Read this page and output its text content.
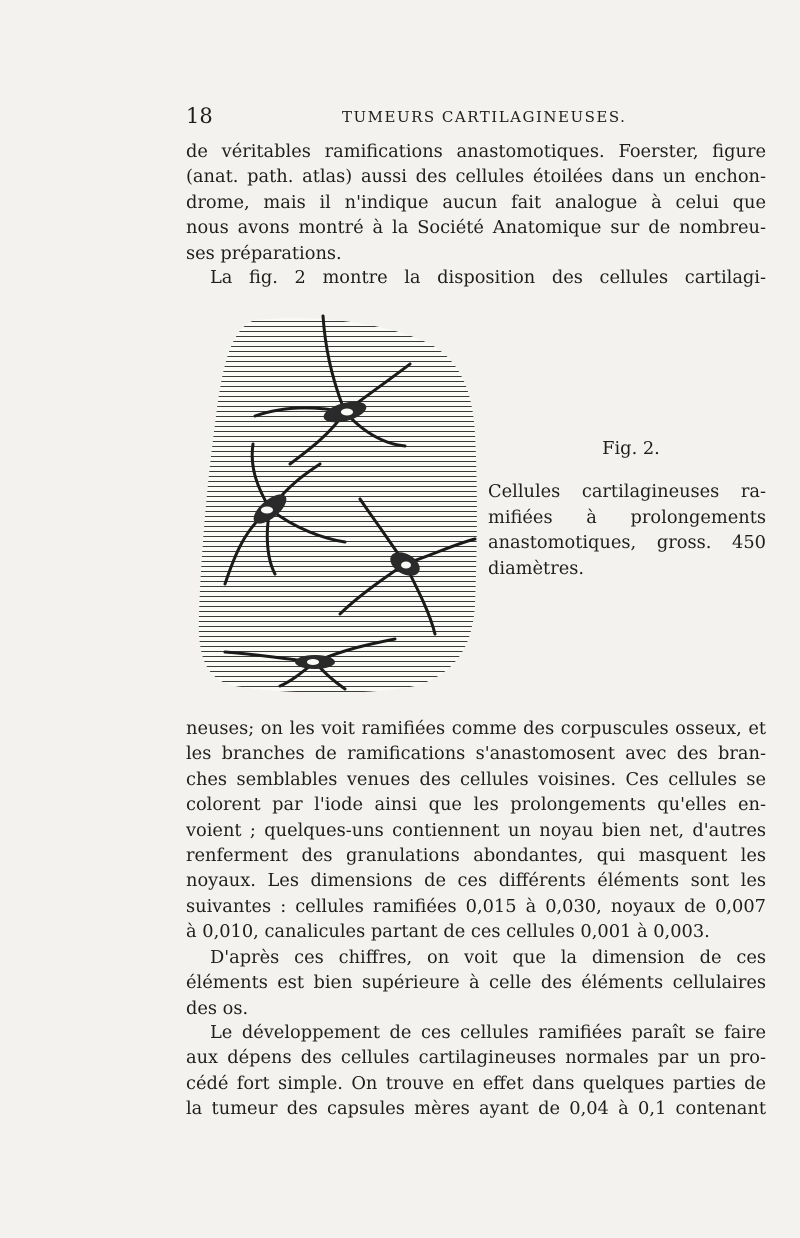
18	TUMEURS CARTILAGINEUSES.
de véritables ramifications anastomotiques. Foerster, figure
(anat. path. atlas) aussi des cellules étoilées dans un enchon-
drome, mais il n'indique aucun fait analogue à celui que
nous avons montré à la Société Anatomique sur de nombreu-
ses préparations.
La fig. 2 montre la disposition des cellules cartilagi-
Fig. 2.
Cellules cartilagineuses ra-
mifiées à prolongements
anastomotiques, gross. 450
diamètres.
neuses; on les voit ramifiées comme des corpuscules osseux, et
les branches de ramifications s'anastomosent avec des bran-
ches semblables venues des cellules voisines. Ces cellules se
colorent par l'iode ainsi que les prolongements qu'elles en-
voient ; quelques-uns contiennent un noyau bien net, d'autres
renferment des granulations abondantes, qui masquent les
noyaux. Les dimensions de ces différents éléments sont les
suivantes : cellules ramifiées 0,015 à 0,030, noyaux de 0,007
à 0,010, canalicules partant de ces cellules 0,001 à 0,003.
D'après ces chiffres, on voit que la dimension de ces
éléments est bien supérieure à celle des éléments cellulaires
des os.
Le développement de ces cellules ramifiées paraît se faire
aux dépens des cellules cartilagineuses normales par un pro-
cédé fort simple. On trouve en effet dans quelques parties de
la tumeur des capsules mères ayant de 0,04 à 0,1 contenant
